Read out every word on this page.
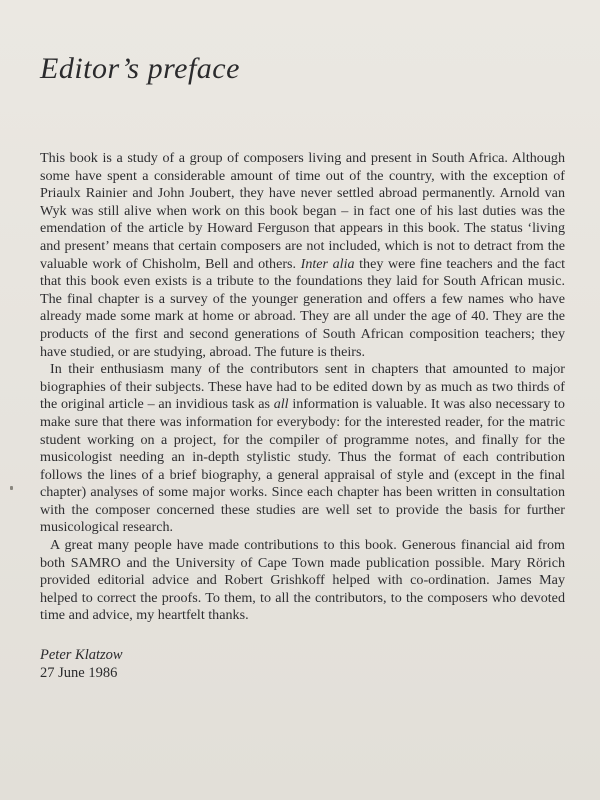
Editor’s preface

This book is a study of a group of composers living and present in South Africa. Although some have spent a considerable amount of time out of the country, with the exception of Priaulx Rainier and John Joubert, they have never settled abroad permanently. Arnold van Wyk was still alive when work on this book began – in fact one of his last duties was the emendation of the article by Howard Ferguson that appears in this book. The status ‘living and present’ means that certain composers are not included, which is not to detract from the valuable work of Chisholm, Bell and others. Inter alia they were fine teachers and the fact that this book even exists is a tribute to the foundations they laid for South African music. The final chapter is a survey of the younger generation and offers a few names who have already made some mark at home or abroad. They are all under the age of 40. They are the products of the first and second generations of South African composition teachers; they have studied, or are studying, abroad. The future is theirs.

In their enthusiasm many of the contributors sent in chapters that amounted to major biographies of their subjects. These have had to be edited down by as much as two thirds of the original article – an invidious task as all information is valuable. It was also necessary to make sure that there was information for everybody: for the interested reader, for the matric student working on a project, for the compiler of programme notes, and finally for the musicologist needing an in-depth stylistic study. Thus the format of each contribution follows the lines of a brief biography, a general appraisal of style and (except in the final chapter) analyses of some major works. Since each chapter has been written in consultation with the composer concerned these studies are well set to provide the basis for further musicological research.

A great many people have made contributions to this book. Generous financial aid from both SAMRO and the University of Cape Town made publication possible. Mary Rörich provided editorial advice and Robert Grishkoff helped with co-ordination. James May helped to correct the proofs. To them, to all the contributors, to the composers who devoted time and advice, my heartfelt thanks.

Peter Klatzow

27 June 1986
